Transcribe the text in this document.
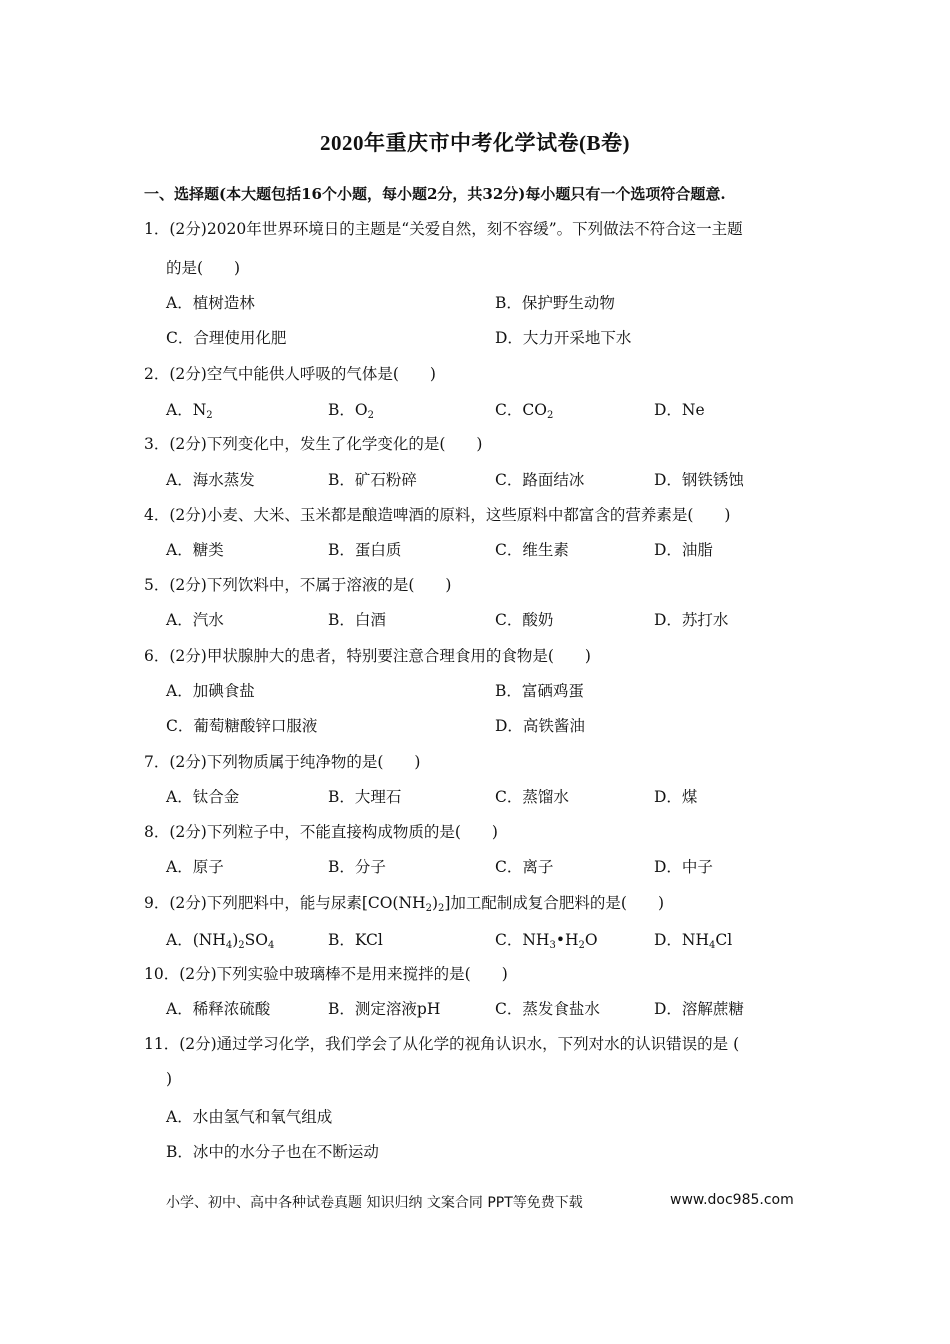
2020年重庆市中考化学试卷(B卷)
一、选择题(本大题包括16个小题，每小题2分，共32分)每小题只有一个选项符合题意.
1．(2分)2020年世界环境日的主题是“关爱自然，刻不容缓”。下列做法不符合这一主题
的是(　　)
A．植树造林	B．保护野生动物
C．合理使用化肥	D．大力开采地下水
2．(2分)空气中能供人呼吸的气体是(　　)
A．$N_2$	B．$O_2$	C．$CO_2$	D．Ne
3．(2分)下列变化中，发生了化学变化的是(　　)
A．海水蒸发	B．矿石粉碎	C．路面结冰	D．钢铁锈蚀
4．(2分)小麦、大米、玉米都是酿造啤酒的原料，这些原料中都富含的营养素是(　　)
A．糖类	B．蛋白质	C．维生素	D．油脂
5．(2分)下列饮料中，不属于溶液的是(　　)
A．汽水	B．白酒	C．酸奶	D．苏打水
6．(2分)甲状腺肿大的患者，特别要注意合理食用的食物是(　　)
A．加碘食盐	B．富硒鸡蛋
C．葡萄糖酸锌口服液	D．高铁酱油
7．(2分)下列物质属于纯净物的是(　　)
A．钛合金	B．大理石	C．蒸馏水	D．煤
8．(2分)下列粒子中，不能直接构成物质的是(　　)
A．原子	B．分子	C．离子	D．中子
9．(2分)下列肥料中，能与尿素$[CO(NH_2)_2]$加工配制成复合肥料的是(　　)
A．$(NH_4)_2SO_4$	B．KCl	C．$NH_3•H_2O$	D．$NH_4Cl$
10．(2分)下列实验中玻璃棒不是用来搅拌的是(　　)
A．稀释浓硫酸	B．测定溶液pH	C．蒸发食盐水	D．溶解蔗糖
11．(2分)通过学习化学，我们学会了从化学的视角认识水，下列对水的认识错误的是 (
)
A．水由氢气和氧气组成
B．冰中的水分子也在不断运动
小学、初中、高中各种试卷真题 知识归纳 文案合同 PPT等免费下载	www.doc985.com
